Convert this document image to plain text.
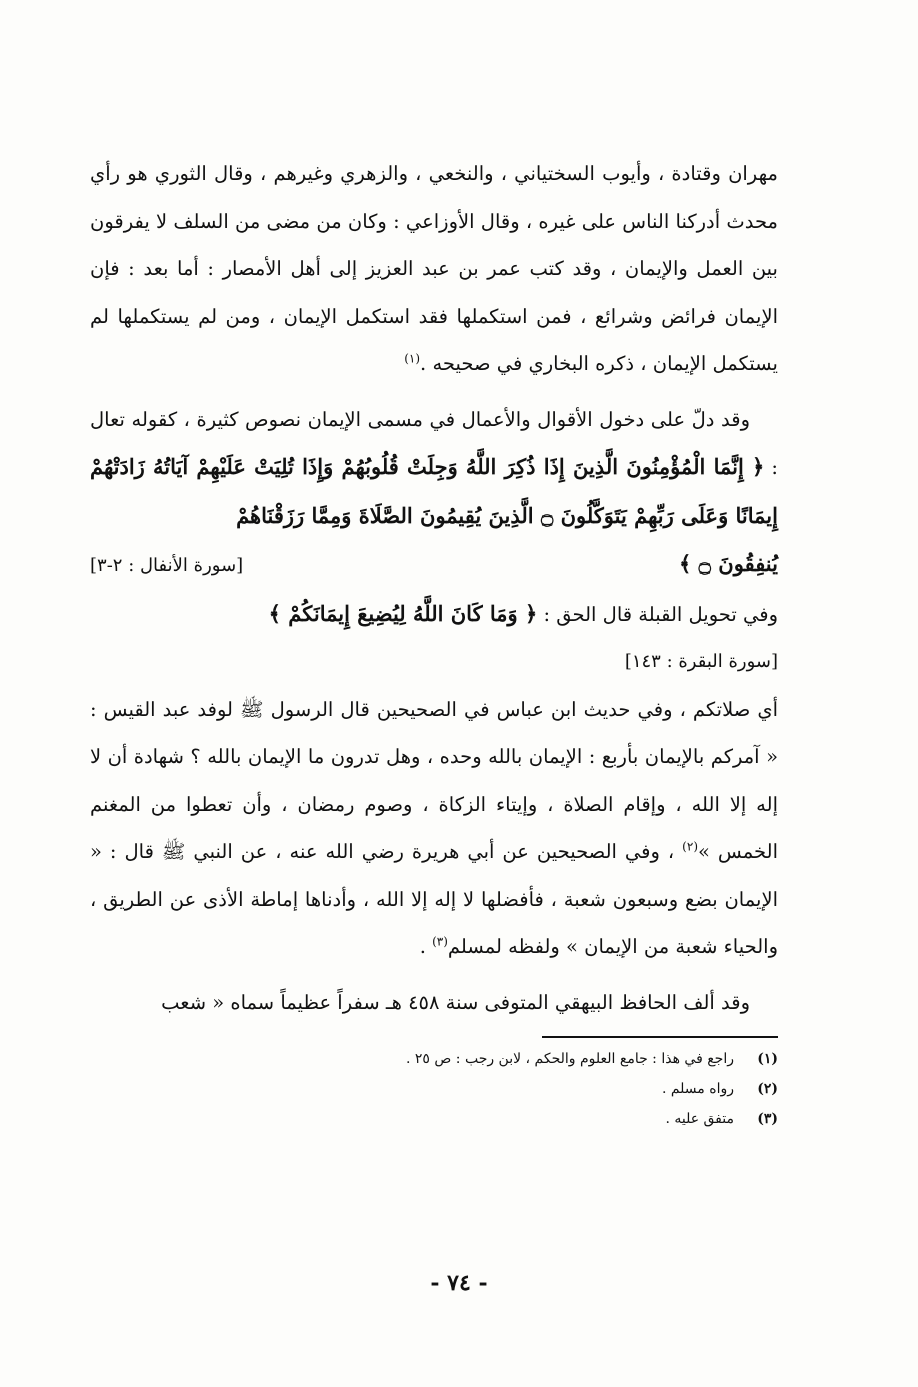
مهران وقتادة ، وأيوب السختياني ، والنخعي ، والزهري وغيرهم ، وقال الثوري هو رأي محدث أدركنا الناس على غيره ، وقال الأوزاعي : وكان من مضى من السلف لا يفرقون بين العمل والإيمان ، وقد كتب عمر بن عبد العزيز إلى أهل الأمصار : أما بعد : فإن الإيمان فرائض وشرائع ، فمن استكملها فقد استكمل الإيمان ، ومن لم يستكملها لم يستكمل الإيمان ، ذكره البخاري في صحيحه .$^{(١)}$

وقد دلّ على دخول الأقوال والأعمال في مسمى الإيمان نصوص كثيرة ، كقوله تعال : ﴿ إِنَّمَا الْمُؤْمِنُونَ الَّذِينَ إِذَا ذُكِرَ اللَّهُ وَجِلَتْ قُلُوبُهُمْ وَإِذَا تُلِيَتْ عَلَيْهِمْ آيَاتُهُ زَادَتْهُمْ إِيمَانًا وَعَلَى رَبِّهِمْ يَتَوَكَّلُونَ ۝ الَّذِينَ يُقِيمُونَ الصَّلَاةَ وَمِمَّا رَزَقْنَاهُمْ

يُنفِقُونَ ۝ ﴾
[سورة الأنفال : ٢-٣]

وفي تحويل القبلة قال الحق : ﴿ وَمَا كَانَ اللَّهُ لِيُضِيعَ إِيمَانَكُمْ ﴾

[سورة البقرة : ١٤٣]

أي صلاتكم ، وفي حديث ابن عباس في الصحيحين قال الرسول ﷺ لوفد عبد القيس : « آمركم بالإيمان بأربع : الإيمان بالله وحده ، وهل تدرون ما الإيمان بالله ؟ شهادة أن لا إله إلا الله ، وإقام الصلاة ، وإيتاء الزكاة ، وصوم رمضان ، وأن تعطوا من المغنم الخمس »$^{(٢)}$ ، وفي الصحيحين عن أبي هريرة رضي الله عنه ، عن النبي ﷺ قال : « الإيمان بضع وسبعون شعبة ، فأفضلها لا إله إلا الله ، وأدناها إماطة الأذى عن الطريق ، والحياء شعبة من الإيمان » ولفظه لمسلم$^{(٣)}$ .

وقد ألف الحافظ البيهقي المتوفى سنة ٤٥٨ هـ سفراً عظيماً سماه « شعب

(١)
راجع في هذا : جامع العلوم والحكم ، لابن رجب : ص ٢٥ .
(٢)
رواه مسلم .
(٣)
متفق عليه .
- ٧٤ -
